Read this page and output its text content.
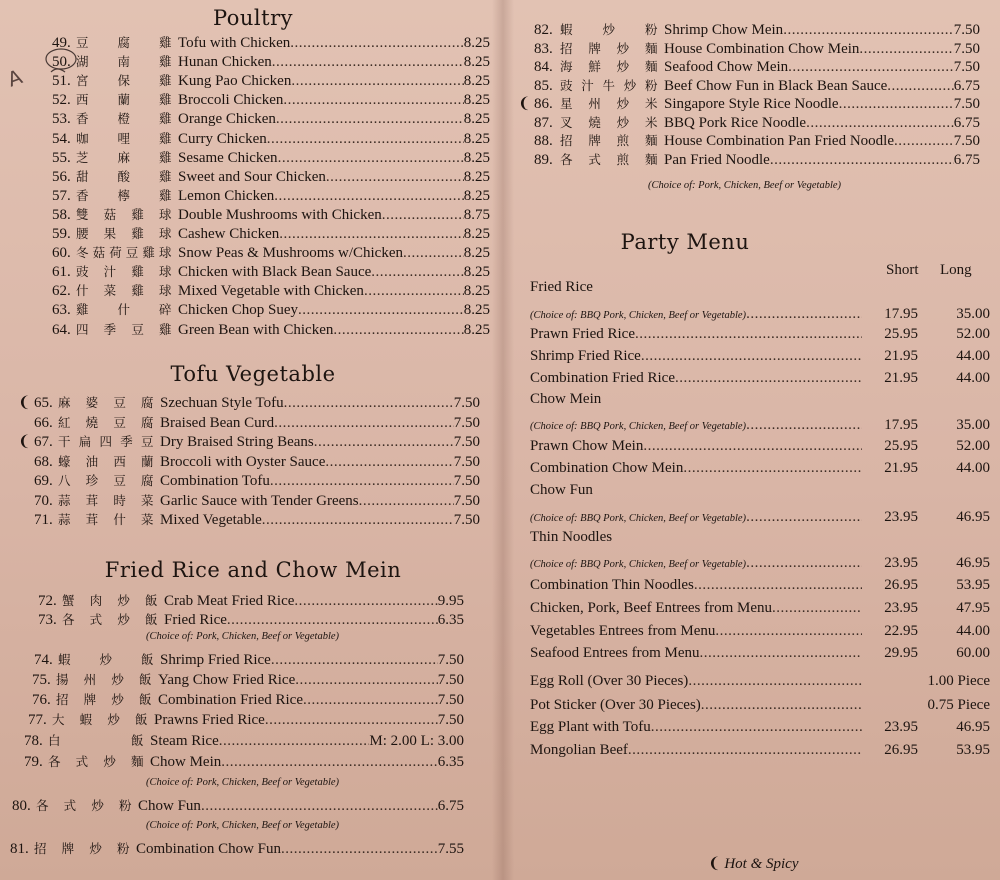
Poultry
49. 豆腐雞 Tofu with Chicken .....	8.25
50. 湖南雞 Hunan Chicken .....	8.25
51. 宮保雞 Kung Pao Chicken .....	8.25
52. 西蘭雞 Broccoli Chicken .....	8.25
53. 香橙雞 Orange Chicken .....	8.25
54. 咖哩雞 Curry Chicken .....	8.25
55. 芝麻雞 Sesame Chicken .....	8.25
56. 甜酸雞 Sweet and Sour Chicken .....	8.25
57. 香檸雞 Lemon Chicken .....	8.25
58. 雙菇雞球 Double Mushrooms with Chicken .....	8.75
59. 腰果雞球 Cashew Chicken .....	8.25
60. 冬菇荷豆雞球 Snow Peas & Mushrooms w/Chicken .....	8.25
61. 豉汁雞球 Chicken with Black Bean Sauce .....	8.25
62. 什菜雞球 Mixed Vegetable with Chicken .....	8.25
63. 雞什碎 Chicken Chop Suey .....	8.25
64. 四季豆雞 Green Bean with Chicken .....	8.25
Tofu Vegetable
65. 麻婆豆腐 Szechuan Style Tofu .....	7.50
❨
66. 紅燒豆腐 Braised Bean Curd .....	7.50
67. 干扁四季豆 Dry Braised String Beans .....	7.50
❨
68. 蠔油西蘭 Broccoli with Oyster Sauce .....	7.50
69. 八珍豆腐 Combination Tofu .....	7.50
70. 蒜茸時菜 Garlic Sauce with Tender Greens .....	7.50
71. 蒜茸什菜 Mixed Vegetable .....	7.50
Fried Rice and Chow Mein
72. 蟹肉炒飯 Crab Meat Fried Rice .....	9.95
73. 各式炒飯 Fried Rice .....	6.35
74. 蝦炒飯 Shrimp Fried Rice .....	7.50
75. 揚州炒飯 Yang Chow Fried Rice .....	7.50
76. 招牌炒飯 Combination Fried Rice .....	7.50
77. 大蝦炒飯 Prawns Fried Rice .....	7.50
78. 白飯 Steam Rice .....	M: 2.00 L: 3.00
79. 各式炒麵 Chow Mein .....	6.35
80. 各式炒粉 Chow Fun .....	6.75
81. 招牌炒粉 Combination Chow Fun .....	7.55
(Choice of: Pork, Chicken, Beef or Vegetable)
(Choice of: Pork, Chicken, Beef or Vegetable)
(Choice of: Pork, Chicken, Beef or Vegetable)
A
82. 蝦炒粉 Shrimp Chow Mein .....	7.50
83. 招牌炒麵 House Combination Chow Mein .....	7.50
84. 海鮮炒麵 Seafood Chow Mein .....	7.50
85. 豉汁牛炒粉 Beef Chow Fun in Black Bean Sauce .....	6.75
86. 星州炒米 Singapore Style Rice Noodle .....	7.50
❨
87. 叉燒炒米 BBQ Pork Rice Noodle .....	6.75
88. 招牌煎麵 House Combination Pan Fried Noodle .....	7.50
89. 各式煎麵 Pan Fried Noodle .....	6.75
(Choice of: Pork, Chicken, Beef or Vegetable)
Party Menu
Short Long
Fried Rice
(Choice of: BBQ Pork, Chicken, Beef or Vegetable) .....	17.95	35.00
Prawn Fried Rice .....	25.95	52.00
Shrimp Fried Rice .....	21.95	44.00
Combination Fried Rice .....	21.95	44.00
(Choice of: BBQ Pork, Chicken, Beef or Vegetable) .....	17.95	35.00
Prawn Chow Mein .....	25.95	52.00
Combination Chow Mein .....	21.95	44.00
(Choice of: BBQ Pork, Chicken, Beef or Vegetable) .....	23.95	46.95
(Choice of: BBQ Pork, Chicken, Beef or Vegetable) .....	23.95	46.95
Combination Thin Noodles .....	26.95	53.95
Chicken, Pork, Beef Entrees from Menu .....	23.95	47.95
Vegetables Entrees from Menu .....	22.95	44.00
Seafood Entrees from Menu .....	29.95	60.00
Egg Roll (Over 30 Pieces) .....	1.00 Piece
Pot Sticker (Over 30 Pieces) .....	0.75 Piece
Egg Plant with Tofu .....	23.95	46.95
Mongolian Beef .....	26.95	53.95
Chow Mein
Chow Fun
Thin Noodles
❨ Hot & Spicy
